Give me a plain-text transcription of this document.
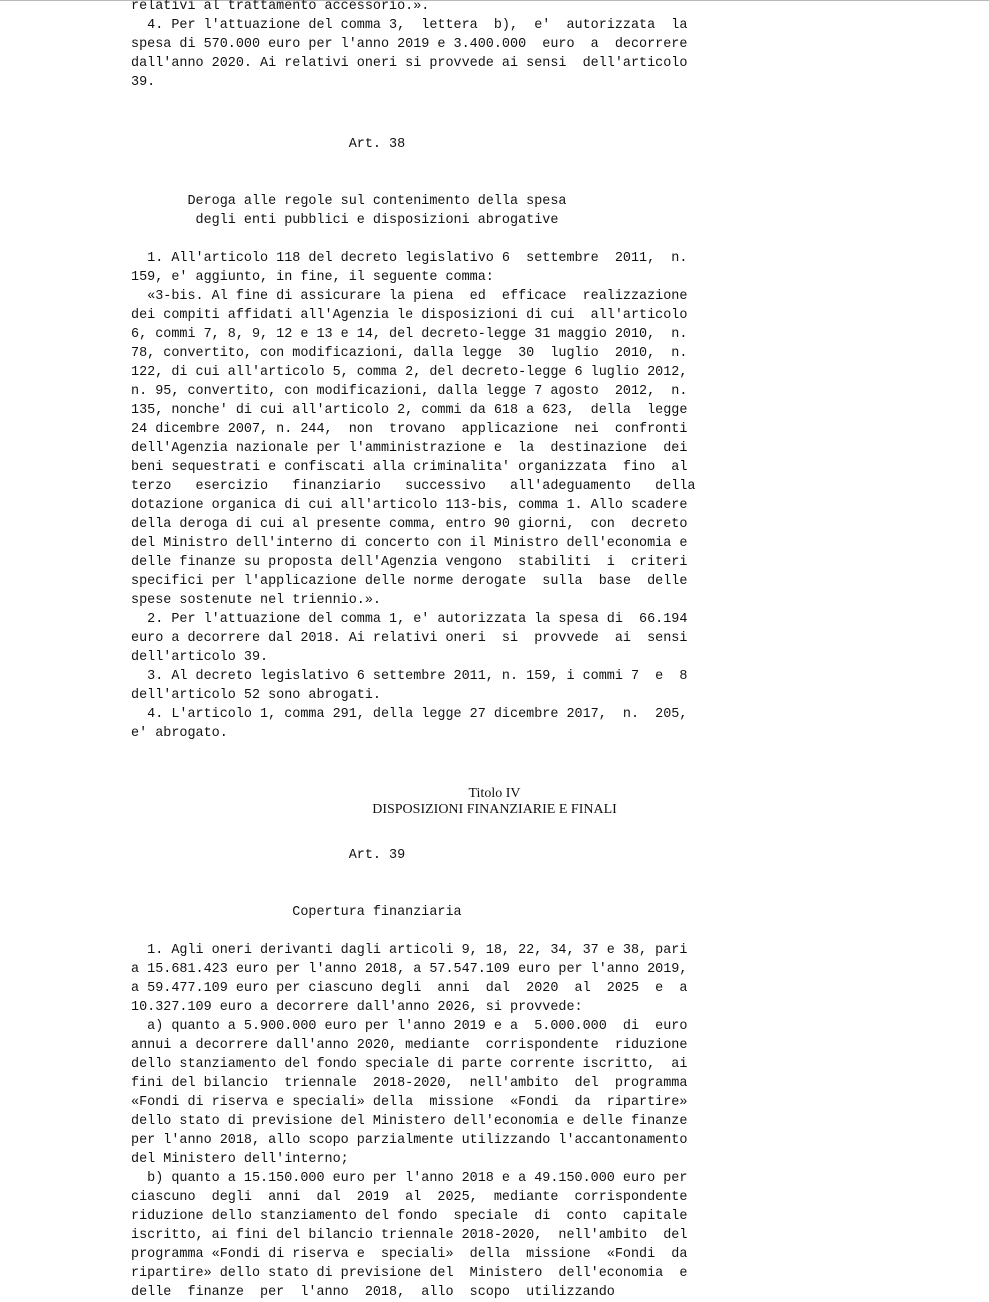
relativi al trattamento accessorio.».
4. Per l'attuazione del comma 3,  lettera  b),  e'  autorizzata  la
spesa di 570.000 euro per l'anno 2019 e 3.400.000  euro  a  decorrere
dall'anno 2020. Ai relativi oneri si provvede ai sensi  dell'articolo
39.
Art. 38
Deroga alle regole sul contenimento della spesa
degli enti pubblici e disposizioni abrogative
1. All'articolo 118 del decreto legislativo 6  settembre  2011,  n.
159, e' aggiunto, in fine, il seguente comma:
«3-bis. Al fine di assicurare la piena  ed  efficace  realizzazione
dei compiti affidati all'Agenzia le disposizioni di cui  all'articolo
6, commi 7, 8, 9, 12 e 13 e 14, del decreto-legge 31 maggio 2010,  n.
78, convertito, con modificazioni, dalla legge  30  luglio  2010,  n.
122, di cui all'articolo 5, comma 2, del decreto-legge 6 luglio 2012,
n. 95, convertito, con modificazioni, dalla legge 7 agosto  2012,  n.
135, nonche' di cui all'articolo 2, commi da 618 a 623,  della  legge
24 dicembre 2007, n. 244,  non  trovano  applicazione  nei  confronti
dell'Agenzia nazionale per l'amministrazione e  la  destinazione  dei
beni sequestrati e confiscati alla criminalita' organizzata  fino  al
terzo   esercizio   finanziario   successivo   all'adeguamento   della
dotazione organica di cui all'articolo 113-bis, comma 1. Allo scadere
della deroga di cui al presente comma, entro 90 giorni,  con  decreto
del Ministro dell'interno di concerto con il Ministro dell'economia e
delle finanze su proposta dell'Agenzia vengono  stabiliti  i  criteri
specifici per l'applicazione delle norme derogate  sulla  base  delle
spese sostenute nel triennio.».
2. Per l'attuazione del comma 1, e' autorizzata la spesa di  66.194
euro a decorrere dal 2018. Ai relativi oneri  si  provvede  ai  sensi
dell'articolo 39.
3. Al decreto legislativo 6 settembre 2011, n. 159, i commi 7  e  8
dell'articolo 52 sono abrogati.
4. L'articolo 1, comma 291, della legge 27 dicembre 2017,  n.  205,
e' abrogato.
Titolo IV
DISPOSIZIONI FINANZIARIE E FINALI
Art. 39
Copertura finanziaria
1. Agli oneri derivanti dagli articoli 9, 18, 22, 34, 37 e 38, pari
a 15.681.423 euro per l'anno 2018, a 57.547.109 euro per l'anno 2019,
a 59.477.109 euro per ciascuno degli  anni  dal  2020  al  2025  e  a
10.327.109 euro a decorrere dall'anno 2026, si provvede:
a) quanto a 5.900.000 euro per l'anno 2019 e a  5.000.000  di  euro
annui a decorrere dall'anno 2020, mediante  corrispondente  riduzione
dello stanziamento del fondo speciale di parte corrente iscritto,  ai
fini del bilancio  triennale  2018-2020,  nell'ambito  del  programma
«Fondi di riserva e speciali» della  missione  «Fondi  da  ripartire»
dello stato di previsione del Ministero dell'economia e delle finanze
per l'anno 2018, allo scopo parzialmente utilizzando l'accantonamento
del Ministero dell'interno;
b) quanto a 15.150.000 euro per l'anno 2018 e a 49.150.000 euro per
ciascuno  degli  anni  dal  2019  al  2025,  mediante  corrispondente
riduzione dello stanziamento del fondo  speciale  di  conto  capitale
iscritto, ai fini del bilancio triennale 2018-2020,  nell'ambito  del
programma «Fondi di riserva e  speciali»  della  missione  «Fondi  da
ripartire» dello stato di previsione del  Ministero  dell'economia  e
delle  finanze  per  l'anno  2018,  allo  scopo  utilizzando
